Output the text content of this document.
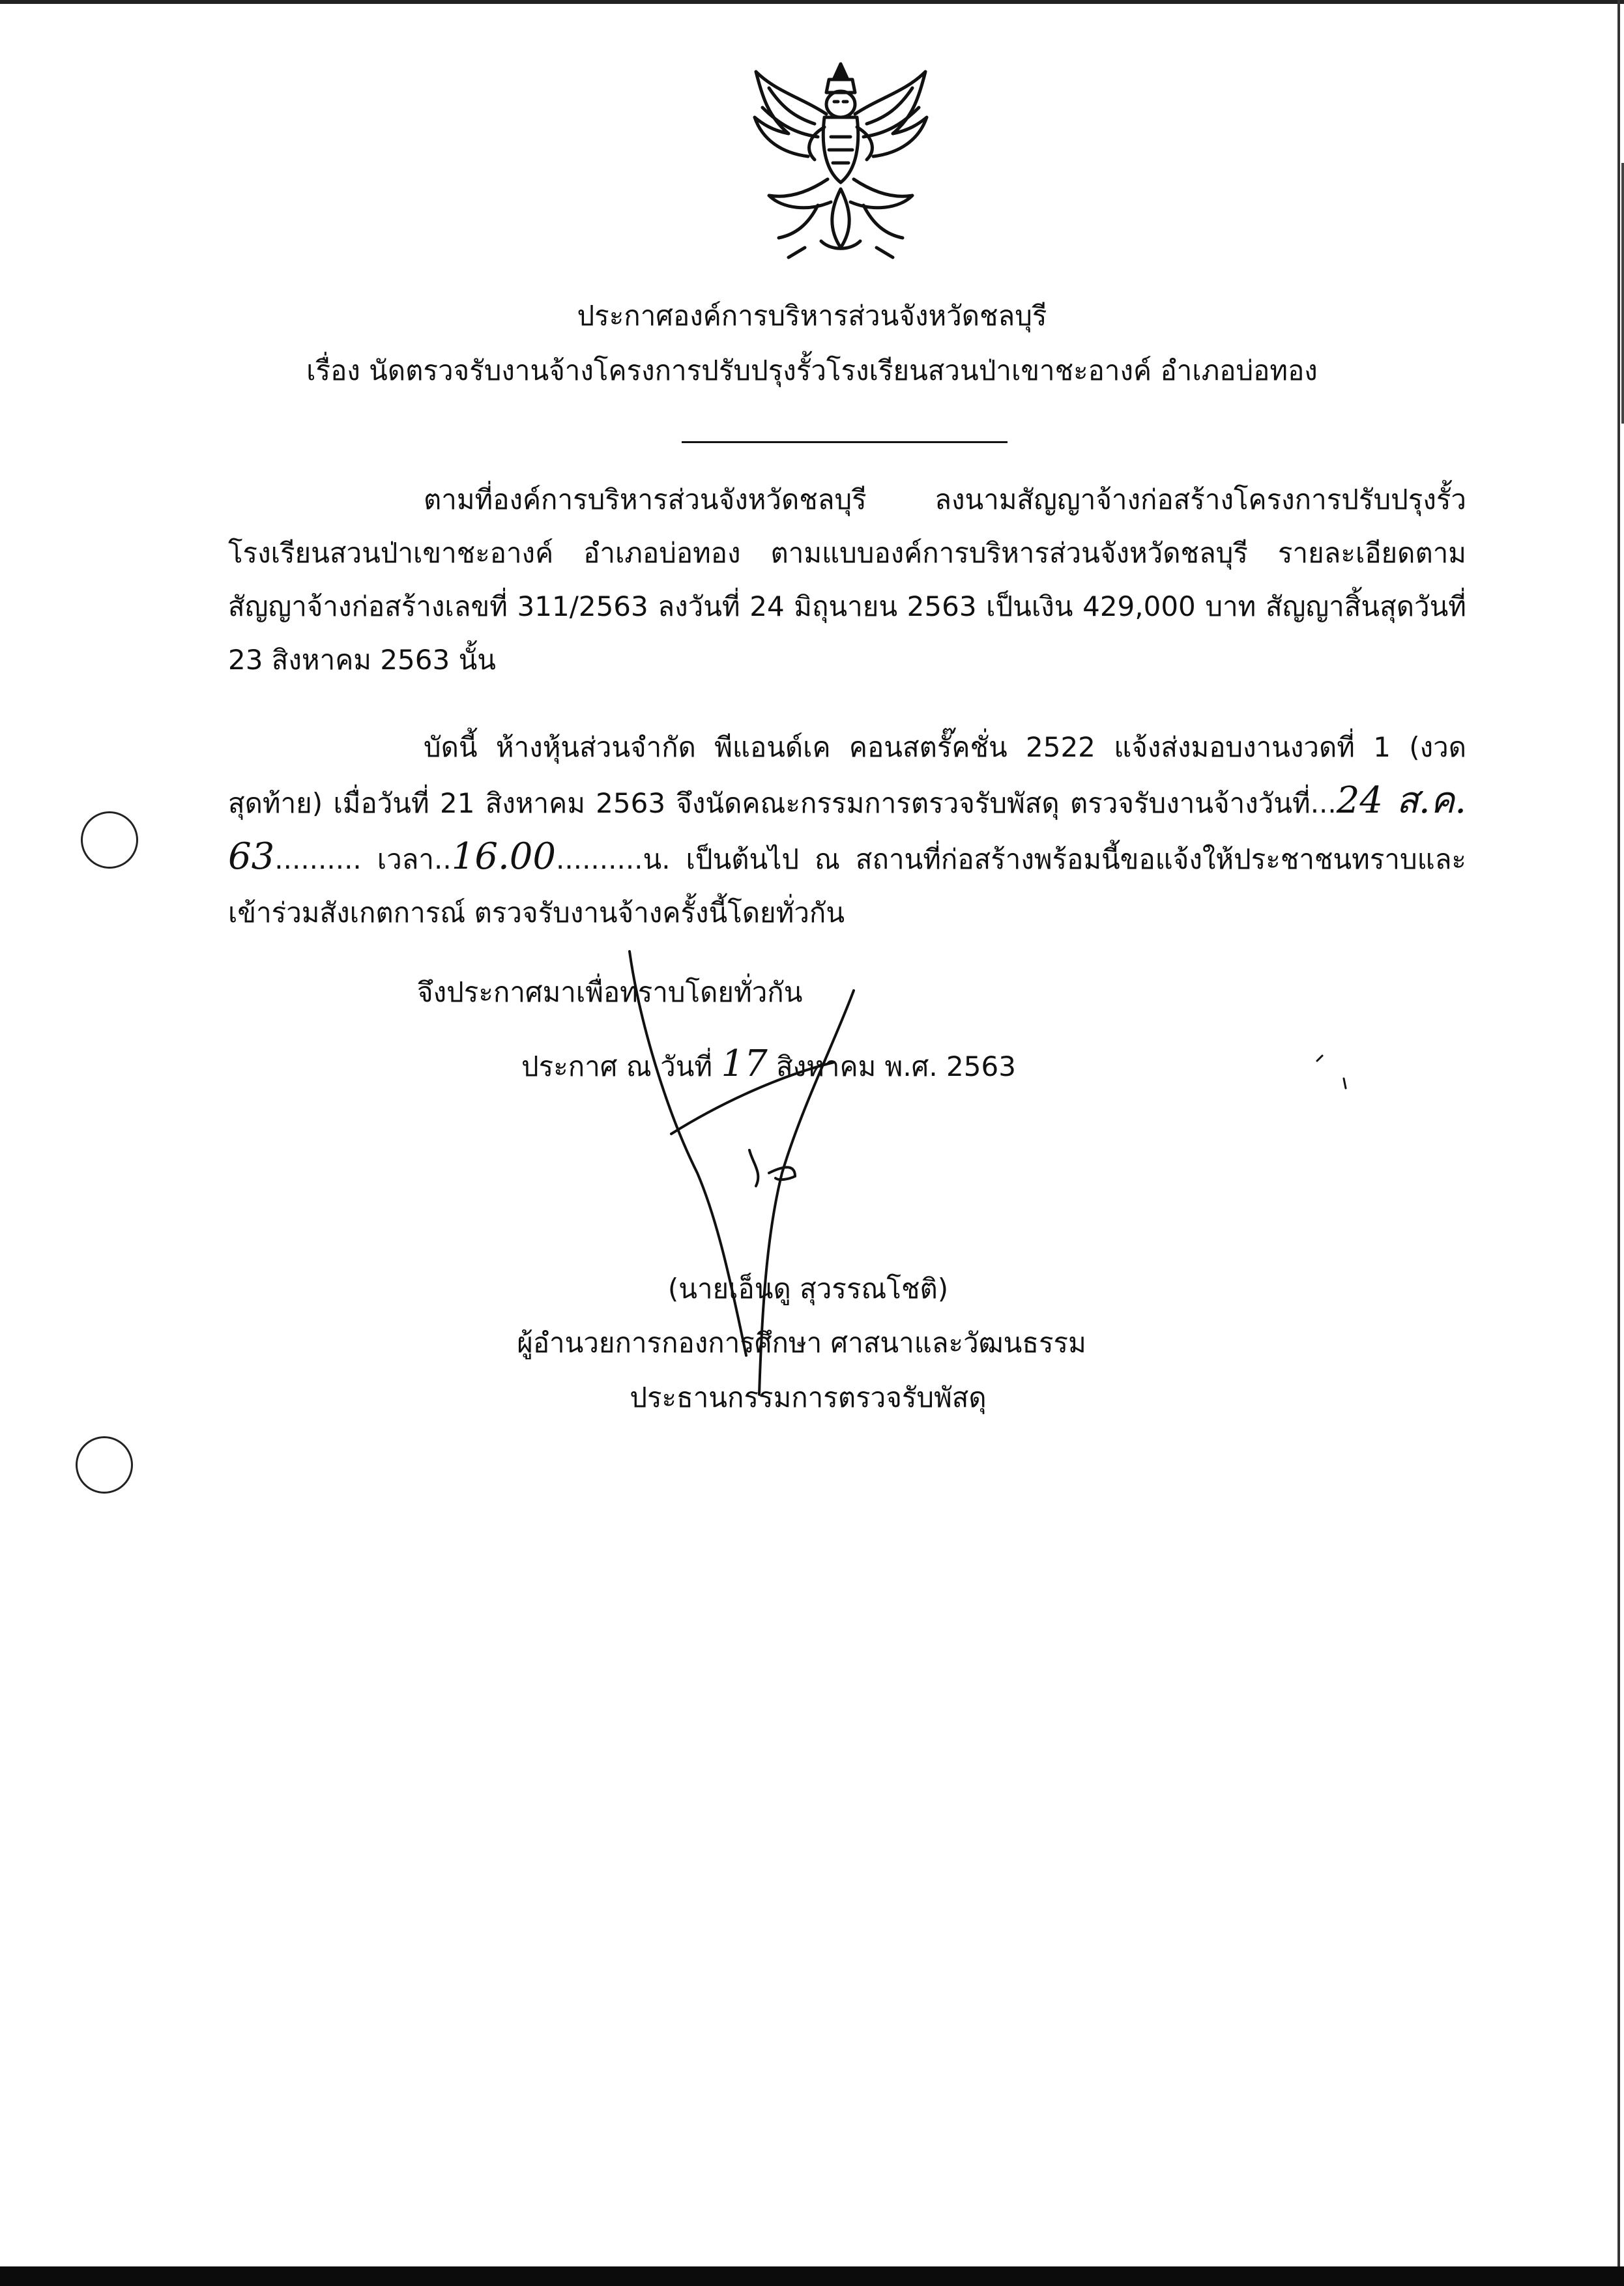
ประกาศองค์การบริหารส่วนจังหวัดชลบุรี
เรื่อง นัดตรวจรับงานจ้างโครงการปรับปรุงรั้วโรงเรียนสวนป่าเขาชะอางค์ อำเภอบ่อทอง
ตามที่องค์การบริหารส่วนจังหวัดชลบุรี ลงนามสัญญาจ้างก่อสร้างโครงการปรับปรุงรั้ว โรงเรียนสวนป่าเขาชะอางค์ อำเภอบ่อทอง ตามแบบองค์การบริหารส่วนจังหวัดชลบุรี รายละเอียดตาม สัญญาจ้างก่อสร้างเลขที่ 311/2563 ลงวันที่ 24 มิถุนายน 2563 เป็นเงิน 429,000 บาท สัญญาสิ้นสุดวันที่ 23 สิงหาคม 2563 นั้น
บัดนี้ ห้างหุ้นส่วนจำกัด พีแอนด์เค คอนสตรั๊คชั่น 2522 แจ้งส่งมอบงานงวดที่ 1 (งวดสุดท้าย) เมื่อวันที่ 21 สิงหาคม 2563 จึงนัดคณะกรรมการตรวจรับพัสดุ ตรวจรับงานจ้างวันที่...24 ส.ค. 63.......... เวลา..16.00..........น. เป็นต้นไป ณ สถานที่ก่อสร้างพร้อมนี้ขอแจ้งให้ประชาชนทราบและเข้าร่วมสังเกตการณ์ ตรวจรับงานจ้างครั้งนี้โดยทั่วกัน
จึงประกาศมาเพื่อทราบโดยทั่วกัน
ประกาศ ณ วันที่ 17 สิงหาคม พ.ศ. 2563
(นายเอ็นดู สุวรรณโชติ)
ผู้อำนวยการกองการศึกษา ศาสนาและวัฒนธรรม
ประธานกรรมการตรวจรับพัสดุ
